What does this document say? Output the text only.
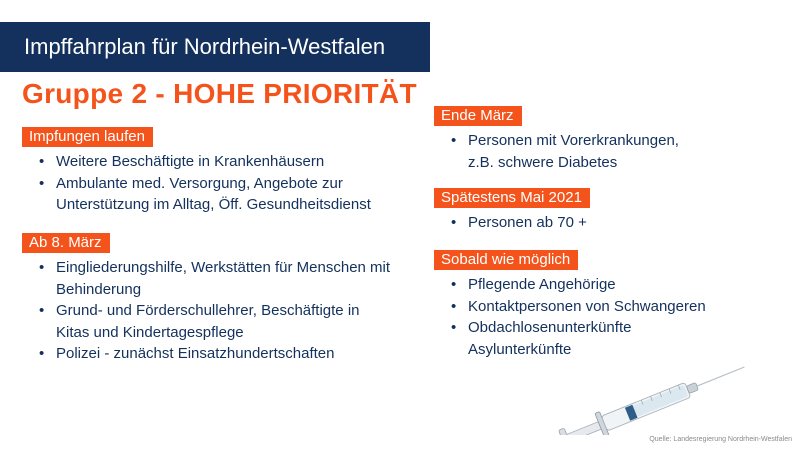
Impffahrplan für Nordrhein-Westfalen
Gruppe 2 - HOHE PRIORITÄT
Impfungen laufen
• Weitere Beschäftigte in Krankenhäusern
• Ambulante med. Versorgung, Angebote zur Unterstützung im Alltag, Öff. Gesundheitsdienst
Ab 8. März
• Eingliederungshilfe, Werkstätten für Menschen mit Behinderung
• Grund- und Förderschullehrer, Beschäftigte in Kitas und Kindertagespflege
• Polizei - zunächst Einsatzhundertschaften
Ende März
• Personen mit Vorerkrankungen, z.B. schwere Diabetes
Spätestens Mai 2021
• Personen ab 70 +
Sobald wie möglich
• Pflegende Angehörige
• Kontaktpersonen von Schwangeren
• Obdachlosenunterkünfte Asylunterkünfte
Quelle: Landesregierung Nordrhein-Westfalen
